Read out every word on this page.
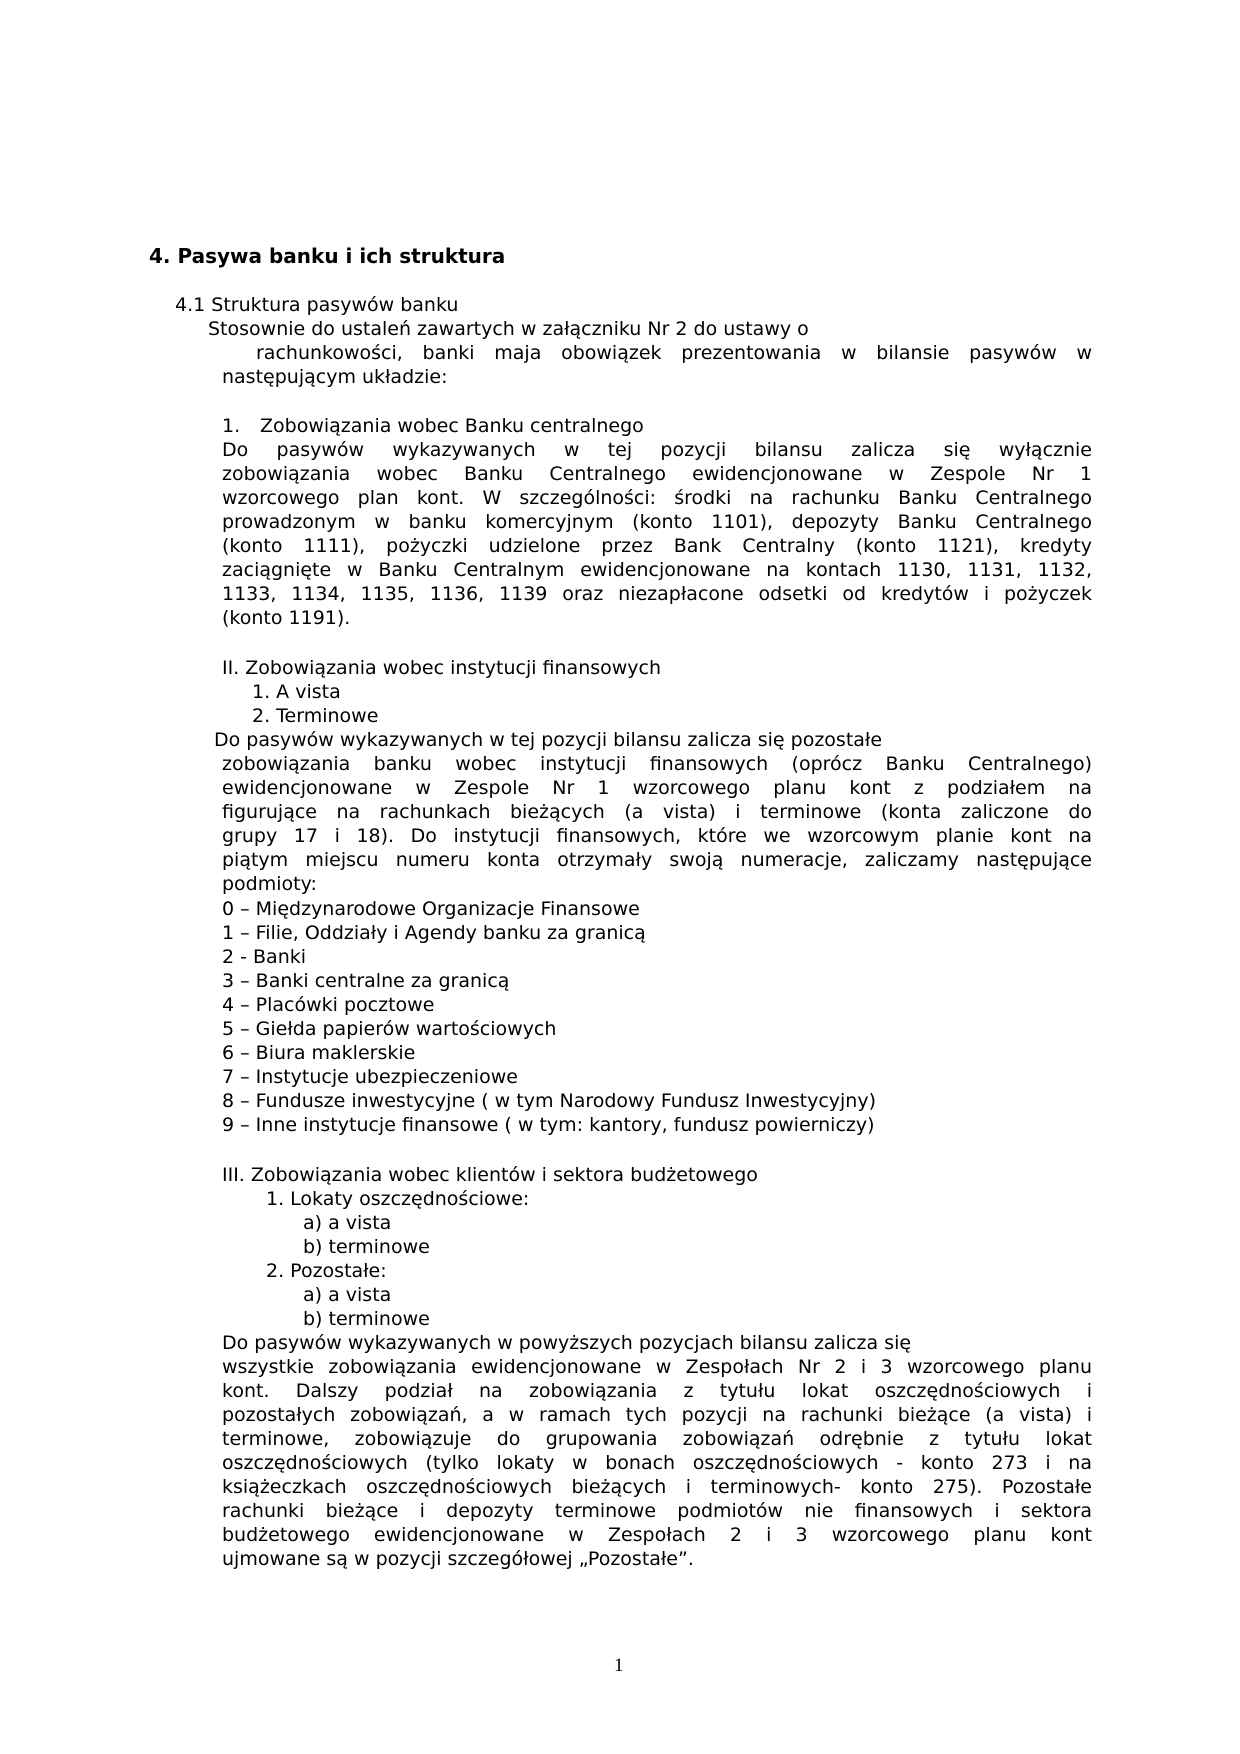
4. Pasywa banku i ich struktura
4.1 Struktura pasywów banku
Stosownie do ustaleń zawartych w załączniku Nr 2 do ustawy o
rachunkowości, banki maja obowiązek prezentowania w bilansie pasywów w
następującym układzie:
1. Zobowiązania wobec Banku centralnego
Do pasywów wykazywanych w tej pozycji bilansu zalicza się wyłącznie
zobowiązania wobec Banku Centralnego ewidencjonowane w Zespole Nr 1
wzorcowego plan kont. W szczególności: środki na rachunku Banku Centralnego
prowadzonym w banku komercyjnym (konto 1101), depozyty Banku Centralnego
(konto 1111), pożyczki udzielone przez Bank Centralny (konto 1121), kredyty
zaciągnięte w Banku Centralnym ewidencjonowane na kontach 1130, 1131, 1132,
1133, 1134, 1135, 1136, 1139 oraz niezapłacone odsetki od kredytów i pożyczek
(konto 1191).
II. Zobowiązania wobec instytucji finansowych
1. A vista
2. Terminowe
Do pasywów wykazywanych w tej pozycji bilansu zalicza się pozostałe
zobowiązania banku wobec instytucji finansowych (oprócz Banku Centralnego)
ewidencjonowane w Zespole Nr 1 wzorcowego planu kont z podziałem na
figurujące na rachunkach bieżących (a vista) i terminowe (konta zaliczone do
grupy 17 i 18). Do instytucji finansowych, które we wzorcowym planie kont na
piątym miejscu numeru konta otrzymały swoją numeracje, zaliczamy następujące
podmioty:
0 – Międzynarodowe Organizacje Finansowe
1 – Filie, Oddziały i Agendy banku za granicą
2 - Banki
3 – Banki centralne za granicą
4 – Placówki pocztowe
5 – Giełda papierów wartościowych
6 – Biura maklerskie
7 – Instytucje ubezpieczeniowe
8 – Fundusze inwestycyjne ( w tym Narodowy Fundusz Inwestycyjny)
9 – Inne instytucje finansowe ( w tym: kantory, fundusz powierniczy)
III. Zobowiązania wobec klientów i sektora budżetowego
1. Lokaty oszczędnościowe:
a) a vista
b) terminowe
2. Pozostałe:
a) a vista
b) terminowe
Do pasywów wykazywanych w powyższych pozycjach bilansu zalicza się
wszystkie zobowiązania ewidencjonowane w Zespołach Nr 2 i 3 wzorcowego planu
kont. Dalszy podział na zobowiązania z tytułu lokat oszczędnościowych i
pozostałych zobowiązań, a w ramach tych pozycji na rachunki bieżące (a vista) i
terminowe, zobowiązuje do grupowania zobowiązań odrębnie z tytułu lokat
oszczędnościowych (tylko lokaty w bonach oszczędnościowych - konto 273 i na
książeczkach oszczędnościowych bieżących i terminowych- konto 275). Pozostałe
rachunki bieżące i depozyty terminowe podmiotów nie finansowych i sektora
budżetowego ewidencjonowane w Zespołach 2 i 3 wzorcowego planu kont
ujmowane są w pozycji szczegółowej „Pozostałe”.
1
